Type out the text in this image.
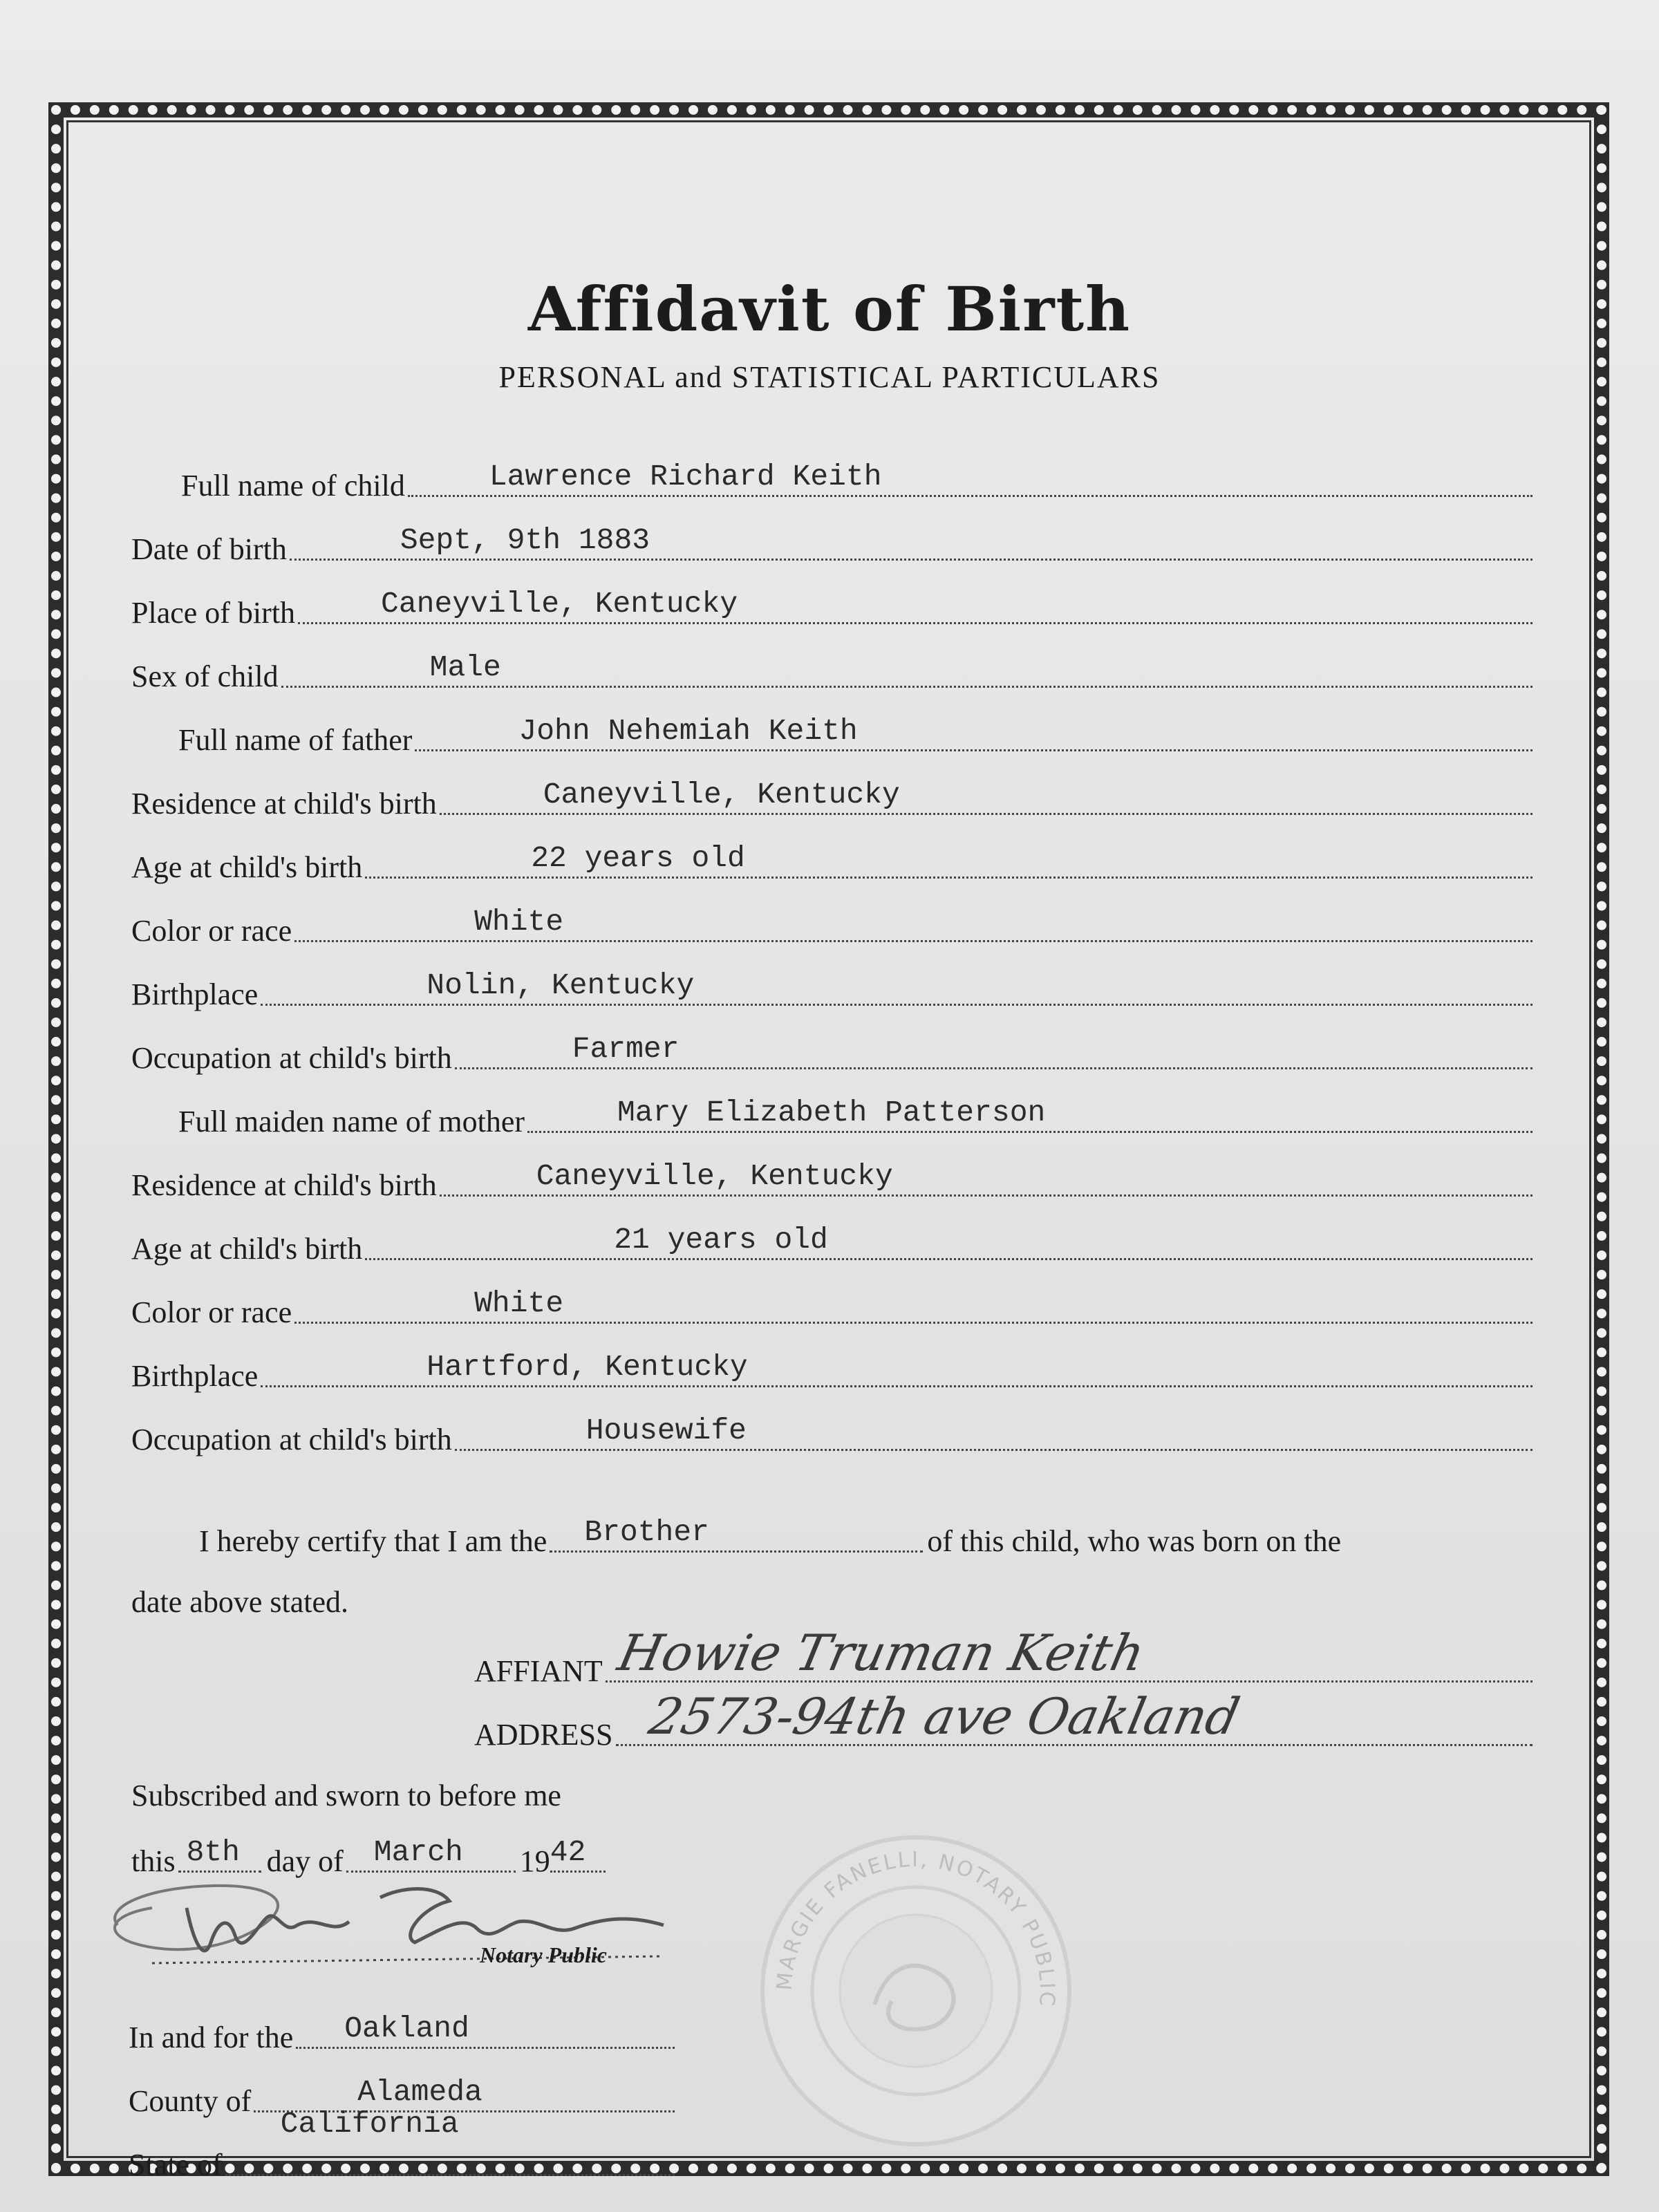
Affidavit of Birth
PERSONAL and STATISTICAL PARTICULARS
Full name of child	Lawrence Richard Keith
Date of birth	Sept, 9th 1883
Place of birth	Caneyville, Kentucky
Sex of child	Male
Full name of father	John Nehemiah Keith
Residence at child's birth	Caneyville, Kentucky
Age at child's birth	22 years old
Color or race	White
Birthplace	Nolin, Kentucky
Occupation at child's birth	Farmer
Full maiden name of mother	Mary Elizabeth Patterson
Residence at child's birth	Caneyville, Kentucky
Age at child's birth	21 years old
Color or race	White
Birthplace	Hartford, Kentucky
Occupation at child's birth	Housewife
I hereby certify that I am the Brother	of this child, who was born on the
date above stated.
AFFIANT Howie Truman Keith
ADDRESS 2573-94th ave Oakland
Subscribed and sworn to before me
this 8th day of March 19 42
Notary Public
In and for the Oakland
County of	Alameda
State of
California
MARGIE FANELLI, NOTARY PUBLIC
